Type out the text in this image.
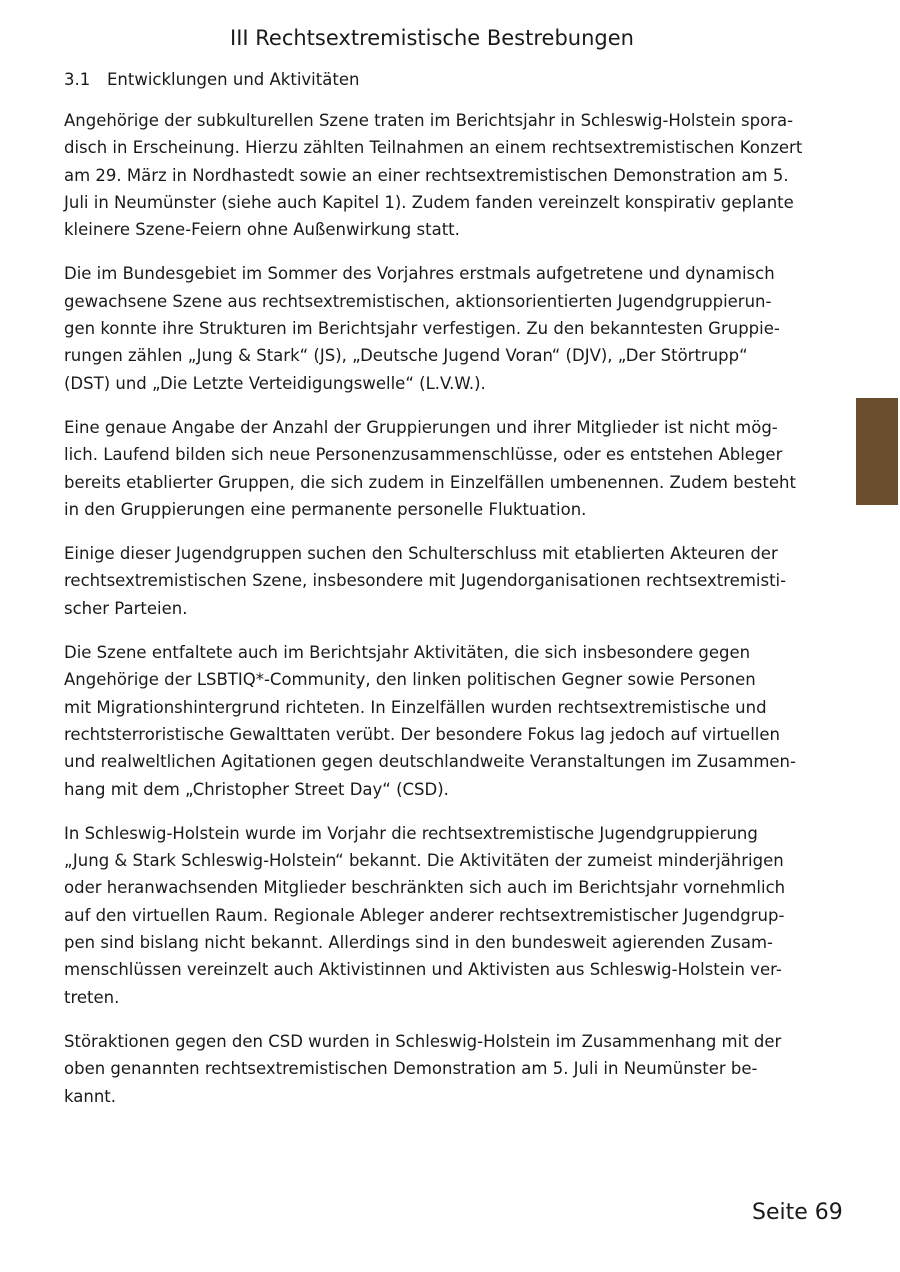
III Rechtsextremistische Bestrebungen
3.1 Entwicklungen und Aktivitäten

Angehörige der subkulturellen Szene traten im Berichtsjahr in Schleswig-Holstein spora-
disch in Erscheinung. Hierzu zählten Teilnahmen an einem rechtsextremistischen Konzert
am 29. März in Nordhastedt sowie an einer rechtsextremistischen Demonstration am 5.
Juli in Neumünster (siehe auch Kapitel 1). Zudem fanden vereinzelt konspirativ geplante
kleinere Szene-Feiern ohne Außenwirkung statt.

Die im Bundesgebiet im Sommer des Vorjahres erstmals aufgetretene und dynamisch
gewachsene Szene aus rechtsextremistischen, aktionsorientierten Jugendgruppierun-
gen konnte ihre Strukturen im Berichtsjahr verfestigen. Zu den bekanntesten Gruppie-
rungen zählen „Jung & Stark“ (JS), „Deutsche Jugend Voran“ (DJV), „Der Störtrupp“
(DST) und „Die Letzte Verteidigungswelle“ (L.V.W.).

Eine genaue Angabe der Anzahl der Gruppierungen und ihrer Mitglieder ist nicht mög-
lich. Laufend bilden sich neue Personenzusammenschlüsse, oder es entstehen Ableger
bereits etablierter Gruppen, die sich zudem in Einzelfällen umbenennen. Zudem besteht
in den Gruppierungen eine permanente personelle Fluktuation.

Einige dieser Jugendgruppen suchen den Schulterschluss mit etablierten Akteuren der
rechtsextremistischen Szene, insbesondere mit Jugendorganisationen rechtsextremisti-
scher Parteien.

Die Szene entfaltete auch im Berichtsjahr Aktivitäten, die sich insbesondere gegen
Angehörige der LSBTIQ*-Community, den linken politischen Gegner sowie Personen
mit Migrationshintergrund richteten. In Einzelfällen wurden rechtsextremistische und
rechtsterroristische Gewalttaten verübt. Der besondere Fokus lag jedoch auf virtuellen
und realweltlichen Agitationen gegen deutschlandweite Veranstaltungen im Zusammen-
hang mit dem „Christopher Street Day“ (CSD).

In Schleswig-Holstein wurde im Vorjahr die rechtsextremistische Jugendgruppierung
„Jung & Stark Schleswig-Holstein“ bekannt. Die Aktivitäten der zumeist minderjährigen
oder heranwachsenden Mitglieder beschränkten sich auch im Berichtsjahr vornehmlich
auf den virtuellen Raum. Regionale Ableger anderer rechtsextremistischer Jugendgrup-
pen sind bislang nicht bekannt. Allerdings sind in den bundesweit agierenden Zusam-
menschlüssen vereinzelt auch Aktivistinnen und Aktivisten aus Schleswig-Holstein ver-
treten.

Störaktionen gegen den CSD wurden in Schleswig-Holstein im Zusammenhang mit der
oben genannten rechtsextremistischen Demonstration am 5. Juli in Neumünster be-
kannt.

Seite 69
